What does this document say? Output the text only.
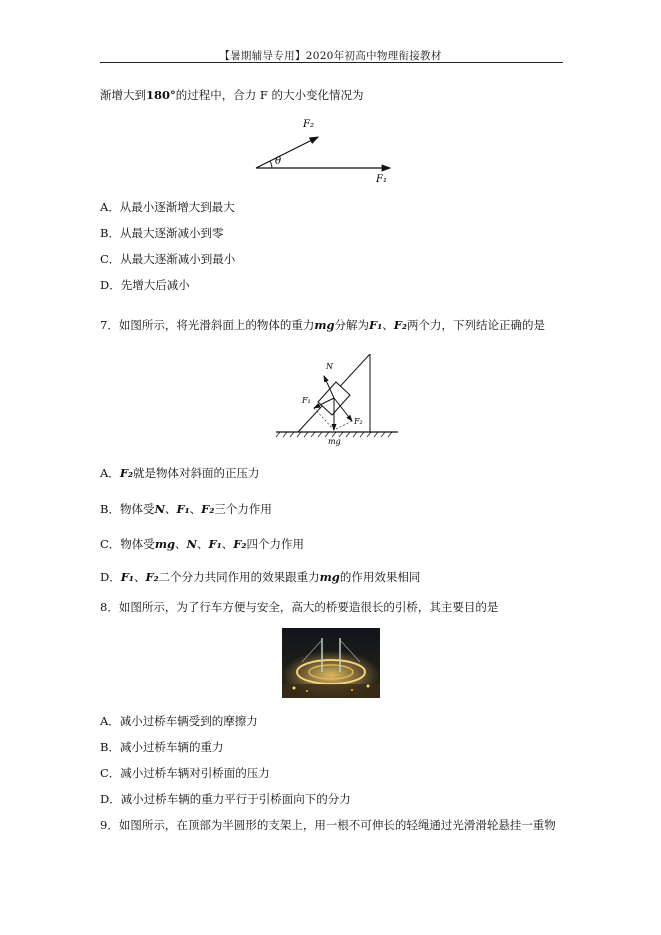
【暑期辅导专用】2020年初高中物理衔接教材
渐增大到180°的过程中，合力 F 的大小变化情况为
F₂
θ
F₁
A．从最小逐渐增大到最大
B．从最大逐渐减小到零
C．从最大逐渐减小到最小
D．先增大后减小
7．如图所示，将光滑斜面上的物体的重力mg分解为F₁、F₂两个力，下列结论正确的是
N
F₁
F₂
mg
A．F₂就是物体对斜面的正压力
B．物体受N、F₁、F₂三个力作用
C．物体受mg、N、F₁、F₂四个力作用
D．F₁、F₂二个分力共同作用的效果跟重力mg的作用效果相同
8．如图所示，为了行车方便与安全，高大的桥要造很长的引桥，其主要目的是
A．减小过桥车辆受到的摩擦力
B．减小过桥车辆的重力
C．减小过桥车辆对引桥面的压力
D．减小过桥车辆的重力平行于引桥面向下的分力
9．如图所示，在顶部为半圆形的支架上，用一根不可伸长的轻绳通过光滑滑轮悬挂一重物
